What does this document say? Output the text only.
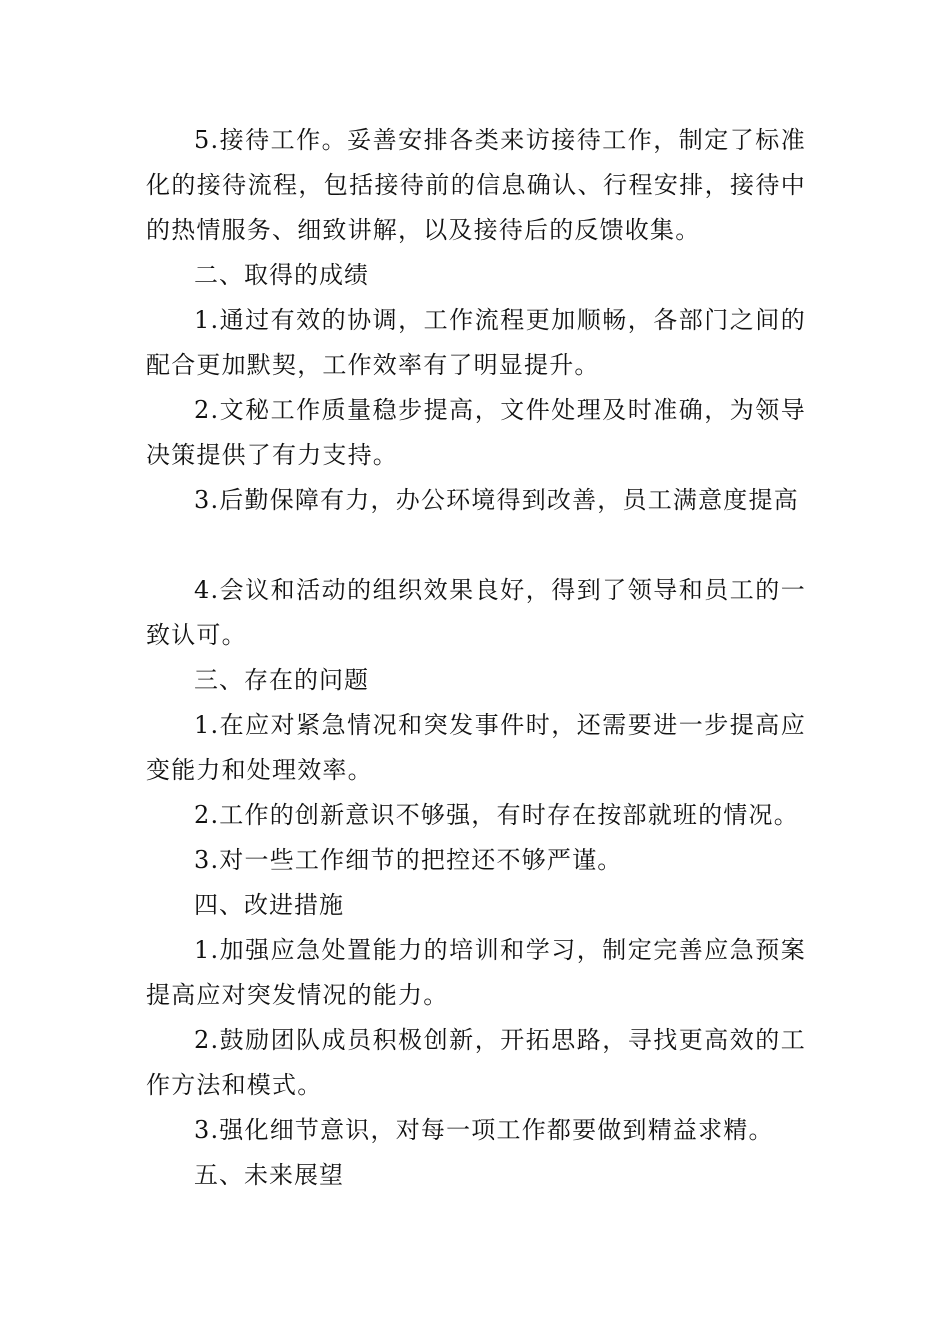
5.接待工作。妥善安排各类来访接待工作，制定了标准化的接待流程，包括接待前的信息确认、行程安排，接待中的热情服务、细致讲解，以及接待后的反馈收集。

二、取得的成绩

1.通过有效的协调，工作流程更加顺畅，各部门之间的配合更加默契，工作效率有了明显提升。

2.文秘工作质量稳步提高，文件处理及时准确，为领导决策提供了有力支持。

3.后勤保障有力，办公环境得到改善，员工满意度提高

4.会议和活动的组织效果良好，得到了领导和员工的一致认可。

三、存在的问题

1.在应对紧急情况和突发事件时，还需要进一步提高应变能力和处理效率。

2.工作的创新意识不够强，有时存在按部就班的情况。

3.对一些工作细节的把控还不够严谨。

四、改进措施

1.加强应急处置能力的培训和学习，制定完善应急预案提高应对突发情况的能力。

2.鼓励团队成员积极创新，开拓思路，寻找更高效的工作方法和模式。

3.强化细节意识，对每一项工作都要做到精益求精。

五、未来展望
